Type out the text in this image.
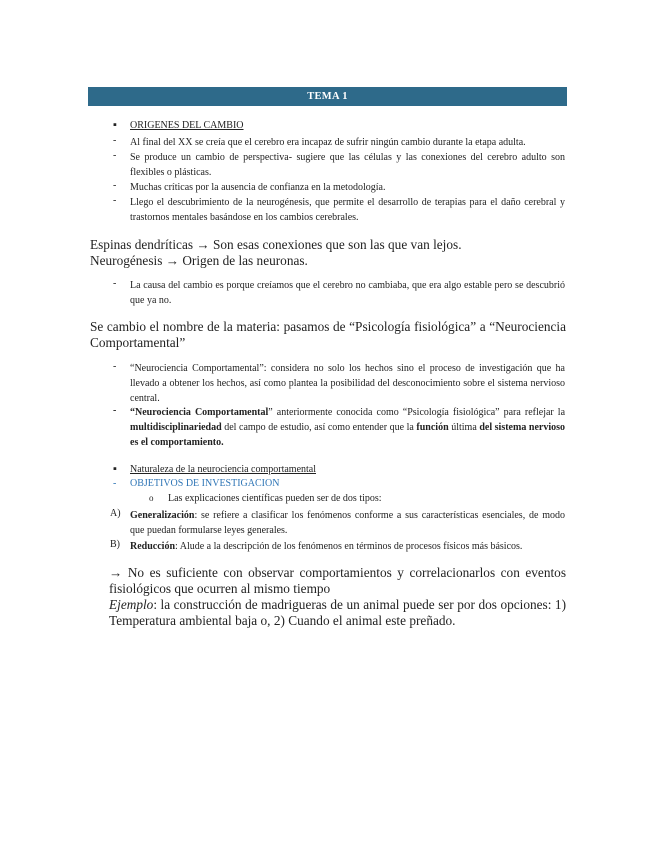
TEMA 1
▪ ORIGENES DEL CAMBIO
- Al final del XX se creía que el cerebro era incapaz de sufrir ningún cambio durante la etapa adulta.
- Se produce un cambio de perspectiva- sugiere que las células y las conexiones del cerebro adulto son flexibles o plásticas.
- Muchas críticas por la ausencia de confianza en la metodología.
- Llego el descubrimiento de la neurogénesis, que permite el desarrollo de terapias para el daño cerebral y trastornos mentales basándose en los cambios cerebrales.
Espinas dendríticas → Son esas conexiones que son las que van lejos.
Neurogénesis → Origen de las neuronas.
- La causa del cambio es porque creíamos que el cerebro no cambiaba, que era algo estable pero se descubrió que ya no.
Se cambio el nombre de la materia: pasamos de “Psicología fisiológica” a “Neurociencia Comportamental”
- “Neurociencia Comportamental”: considera no solo los hechos sino el proceso de investigación que ha llevado a obtener los hechos, así como plantea la posibilidad del desconocimiento sobre el sistema nervioso central.
- “Neurociencia Comportamental” anteriormente conocida como “Psicología fisiológica” para reflejar la multidisciplinariedad del campo de estudio, así como entender que la función última del sistema nervioso es el comportamiento.
▪ Naturaleza de la neurociencia comportamental
- OBJETIVOS DE INVESTIGACION
o Las explicaciones científicas pueden ser de dos tipos:
A) Generalización: se refiere a clasificar los fenómenos conforme a sus características esenciales, de modo que puedan formularse leyes generales.
B) Reducción: Alude a la descripción de los fenómenos en términos de procesos físicos más básicos.
→ No es suficiente con observar comportamientos y correlacionarlos con eventos fisiológicos que ocurren al mismo tiempo
Ejemplo: la construcción de madrigueras de un animal puede ser por dos opciones: 1) Temperatura ambiental baja o, 2) Cuando el animal este preñado.
